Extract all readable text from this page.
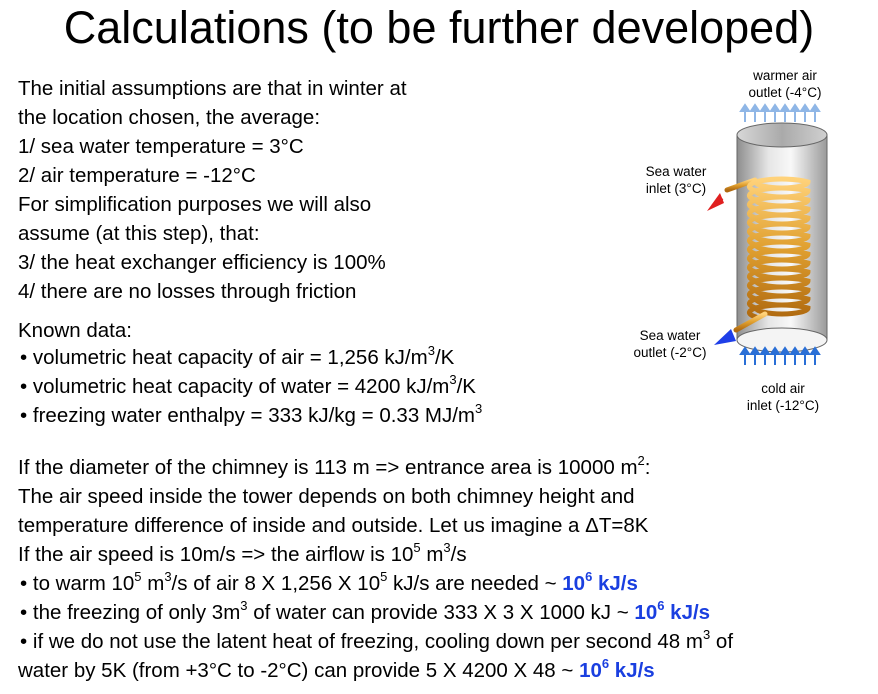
Calculations (to be further developed)
The initial assumptions are that in winter at
the location chosen, the average:
1/ sea water temperature = 3°C
2/ air temperature = -12°C
For simplification purposes we will also
assume (at this step), that:
3/ the heat exchanger efficiency is 100%
4/ there are no losses through friction
Known data:
• volumetric heat capacity of air = 1,256 $kJ/m^3/K$
• volumetric heat capacity of water = 4200 $kJ/m^3/K$
• freezing water enthalpy = 333 kJ/kg = 0.33 $MJ/m^3$
If the diameter of the chimney is 113 m => entrance area is 10000 $m^2$:
The air speed inside the tower depends on both chimney height and
temperature difference of inside and outside. Let us imagine a ΔT=8K
If the air speed is 10m/s => the airflow is $10^5$ $m^3/s$
• to warm $10^5$ $m^3/s$ of air 8 X 1,256 X $10^5$ kJ/s are needed ~ $10^6$ kJ/s
• the freezing of only $3m^3$ of water can provide 333 X 3 X 1000 kJ ~ $10^6$ kJ/s
• if we do not use the latent heat of freezing, cooling down per second 48 $m^3$ of
water by 5K (from +3°C to -2°C) can provide 5 X 4200 X 48 ~ $10^6$ kJ/s
warmer air
outlet (-4°C)
Sea water
inlet (3°C)
Sea water
outlet (-2°C)
cold air
inlet (-12°C)
